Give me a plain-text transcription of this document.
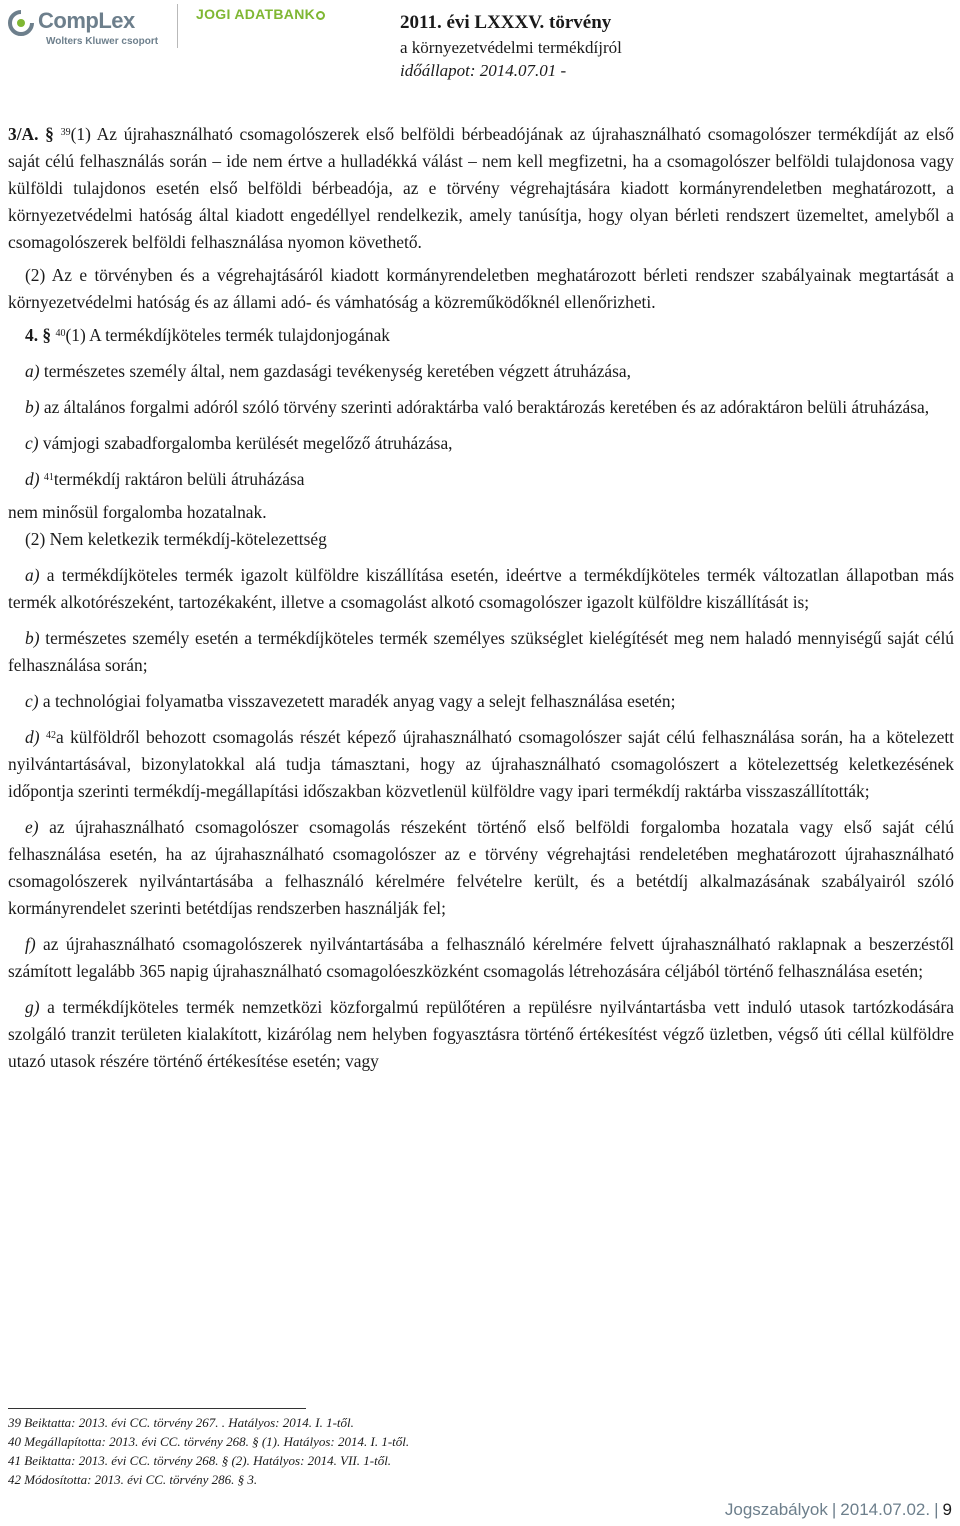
CompLex
Wolters Kluwer csoport
JOGI ADATBANK	2011. évi LXXXV. törvény
a környezetvédelmi termékdíjról
időállapot: 2014.07.01 -

3/A. § $^{39}$(1) Az újrahasználható csomagolószerek első belföldi bérbeadójának az újrahasználható csomagolószer termékdíját az első saját célú felhasználás során – ide nem értve a hulladékká válást – nem kell megfizetni, ha a csomagolószer belföldi tulajdonosa vagy külföldi tulajdonos esetén első belföldi bérbeadója, az e törvény végrehajtására kiadott kormányrendeletben meghatározott, a környezetvédelmi hatóság által kiadott engedéllyel rendelkezik, amely tanúsítja, hogy olyan bérleti rendszert üzemeltet, amelyből a csomagolószerek belföldi felhasználása nyomon követhető.

(2) Az e törvényben és a végrehajtásáról kiadott kormányrendeletben meghatározott bérleti rendszer szabályainak megtartását a környezetvédelmi hatóság és az állami adó- és vámhatóság a közreműködőknél ellenőrizheti.

4. § $^{40}$(1) A termékdíjköteles termék tulajdonjogának

a) természetes személy által, nem gazdasági tevékenység keretében végzett átruházása,

b) az általános forgalmi adóról szóló törvény szerinti adóraktárba való beraktározás keretében és az adóraktáron belüli átruházása,

c) vámjogi szabadforgalomba kerülését megelőző átruházása,

d) $^{41}$termékdíj raktáron belüli átruházása

nem minősül forgalomba hozatalnak.

(2) Nem keletkezik termékdíj-kötelezettség

a) a termékdíjköteles termék igazolt külföldre kiszállítása esetén, ideértve a termékdíjköteles termék változatlan állapotban más termék alkotórészeként, tartozékaként, illetve a csomagolást alkotó csomagolószer igazolt külföldre kiszállítását is;

b) természetes személy esetén a termékdíjköteles termék személyes szükséglet kielégítését meg nem haladó mennyiségű saját célú felhasználása során;

c) a technológiai folyamatba visszavezetett maradék anyag vagy a selejt felhasználása esetén;

d) $^{42}$a külföldről behozott csomagolás részét képező újrahasználható csomagolószer saját célú felhasználása során, ha a kötelezett nyilvántartásával, bizonylatokkal alá tudja támasztani, hogy az újrahasználható csomagolószert a kötelezettség keletkezésének időpontja szerinti termékdíj-megállapítási időszakban közvetlenül külföldre vagy ipari termékdíj raktárba visszaszállították;

e) az újrahasználható csomagolószer csomagolás részeként történő első belföldi forgalomba hozatala vagy első saját célú felhasználása esetén, ha az újrahasználható csomagolószer az e törvény végrehajtási rendeletében meghatározott újrahasználható csomagolószerek nyilvántartásába a felhasználó kérelmére felvételre került, és a betétdíj alkalmazásának szabályairól szóló kormányrendelet szerinti betétdíjas rendszerben használják fel;

f) az újrahasználható csomagolószerek nyilvántartásába a felhasználó kérelmére felvett újrahasználható raklapnak a beszerzéstől számított legalább 365 napig újrahasználható csomagolóeszközként csomagolás létrehozására céljából történő felhasználása esetén;

g) a termékdíjköteles termék nemzetközi közforgalmú repülőtéren a repülésre nyilvántartásba vett induló utasok tartózkodására szolgáló tranzit területen kialakított, kizárólag nem helyben fogyasztásra történő értékesítést végző üzletben, végső úti céllal külföldre utazó utasok részére történő értékesítése esetén; vagy

39 Beiktatta: 2013. évi CC. törvény 267. . Hatályos: 2014. I. 1-től.
40 Megállapította: 2013. évi CC. törvény 268. § (1). Hatályos: 2014. I. 1-től.
41 Beiktatta: 2013. évi CC. törvény 268. § (2). Hatályos: 2014. VII. 1-től.
42 Módosította: 2013. évi CC. törvény 286. § 3.
Jogszabályok | 2014.07.02. | 9
